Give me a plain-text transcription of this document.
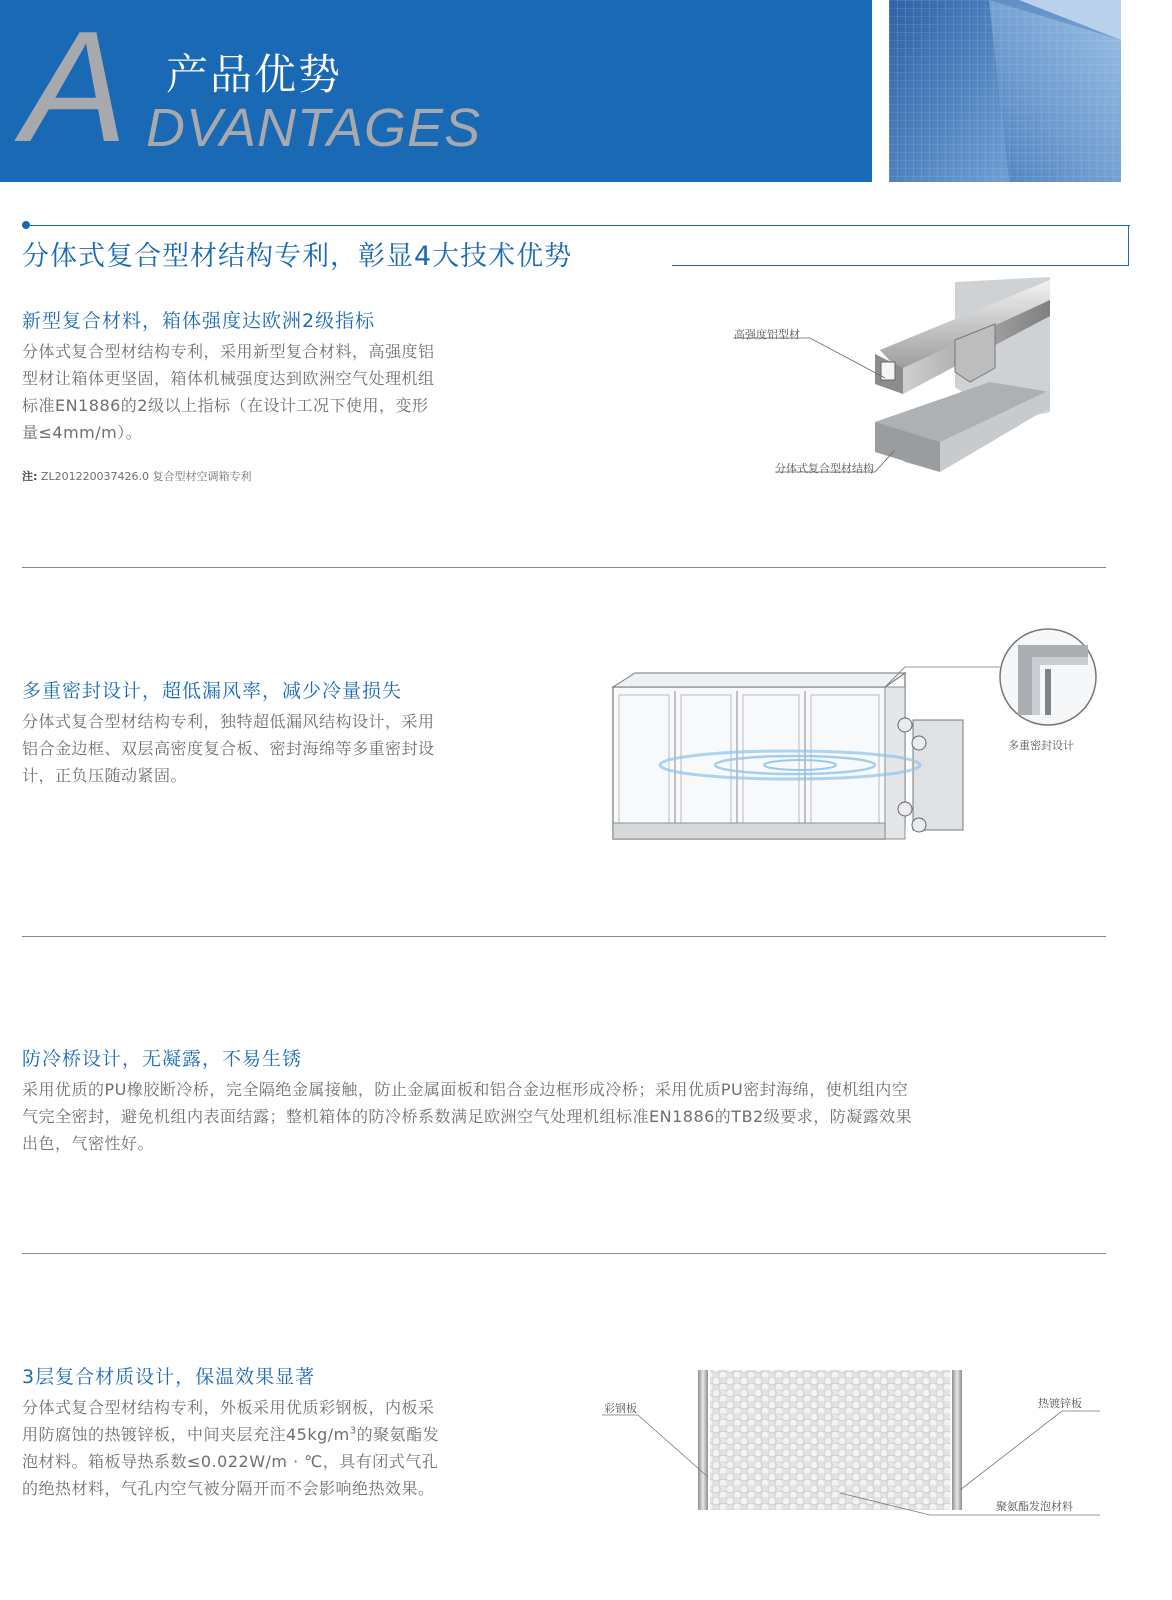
A 产品优势
DVANTAGES
分体式复合型材结构专利，彰显4大技术优势
新型复合材料，箱体强度达欧洲2级指标
分体式复合型材结构专利，采用新型复合材料，高强度铝
型材让箱体更坚固，箱体机械强度达到欧洲空气处理机组
标准EN1886的2级以上指标（在设计工况下使用，变形
量≤4mm/m）。
注: ZL201220037426.0 复合型材空调箱专利
高强度铝型材
分体式复合型材结构
多重密封设计，超低漏风率，减少冷量损失
分体式复合型材结构专利，独特超低漏风结构设计，采用
铝合金边框、双层高密度复合板、密封海绵等多重密封设
计，正负压随动紧固。
多重密封设计
防冷桥设计，无凝露，不易生锈
采用优质的PU橡胶断冷桥，完全隔绝金属接触，防止金属面板和铝合金边框形成冷桥；采用优质PU密封海绵，使机组内空
气完全密封，避免机组内表面结露；整机箱体的防冷桥系数满足欧洲空气处理机组标准EN1886的TB2级要求，防凝露效果
出色，气密性好。
3层复合材质设计，保温效果显著
分体式复合型材结构专利，外板采用优质彩钢板，内板采
用防腐蚀的热镀锌板，中间夹层充注$45kg/m^3$的聚氨酯发
泡材料。箱板导热系数≤0.022W/m · ℃，具有闭式气孔
的绝热材料，气孔内空气被分隔开而不会影响绝热效果。
彩钢板	热镀锌板
聚氨酯发泡材料
